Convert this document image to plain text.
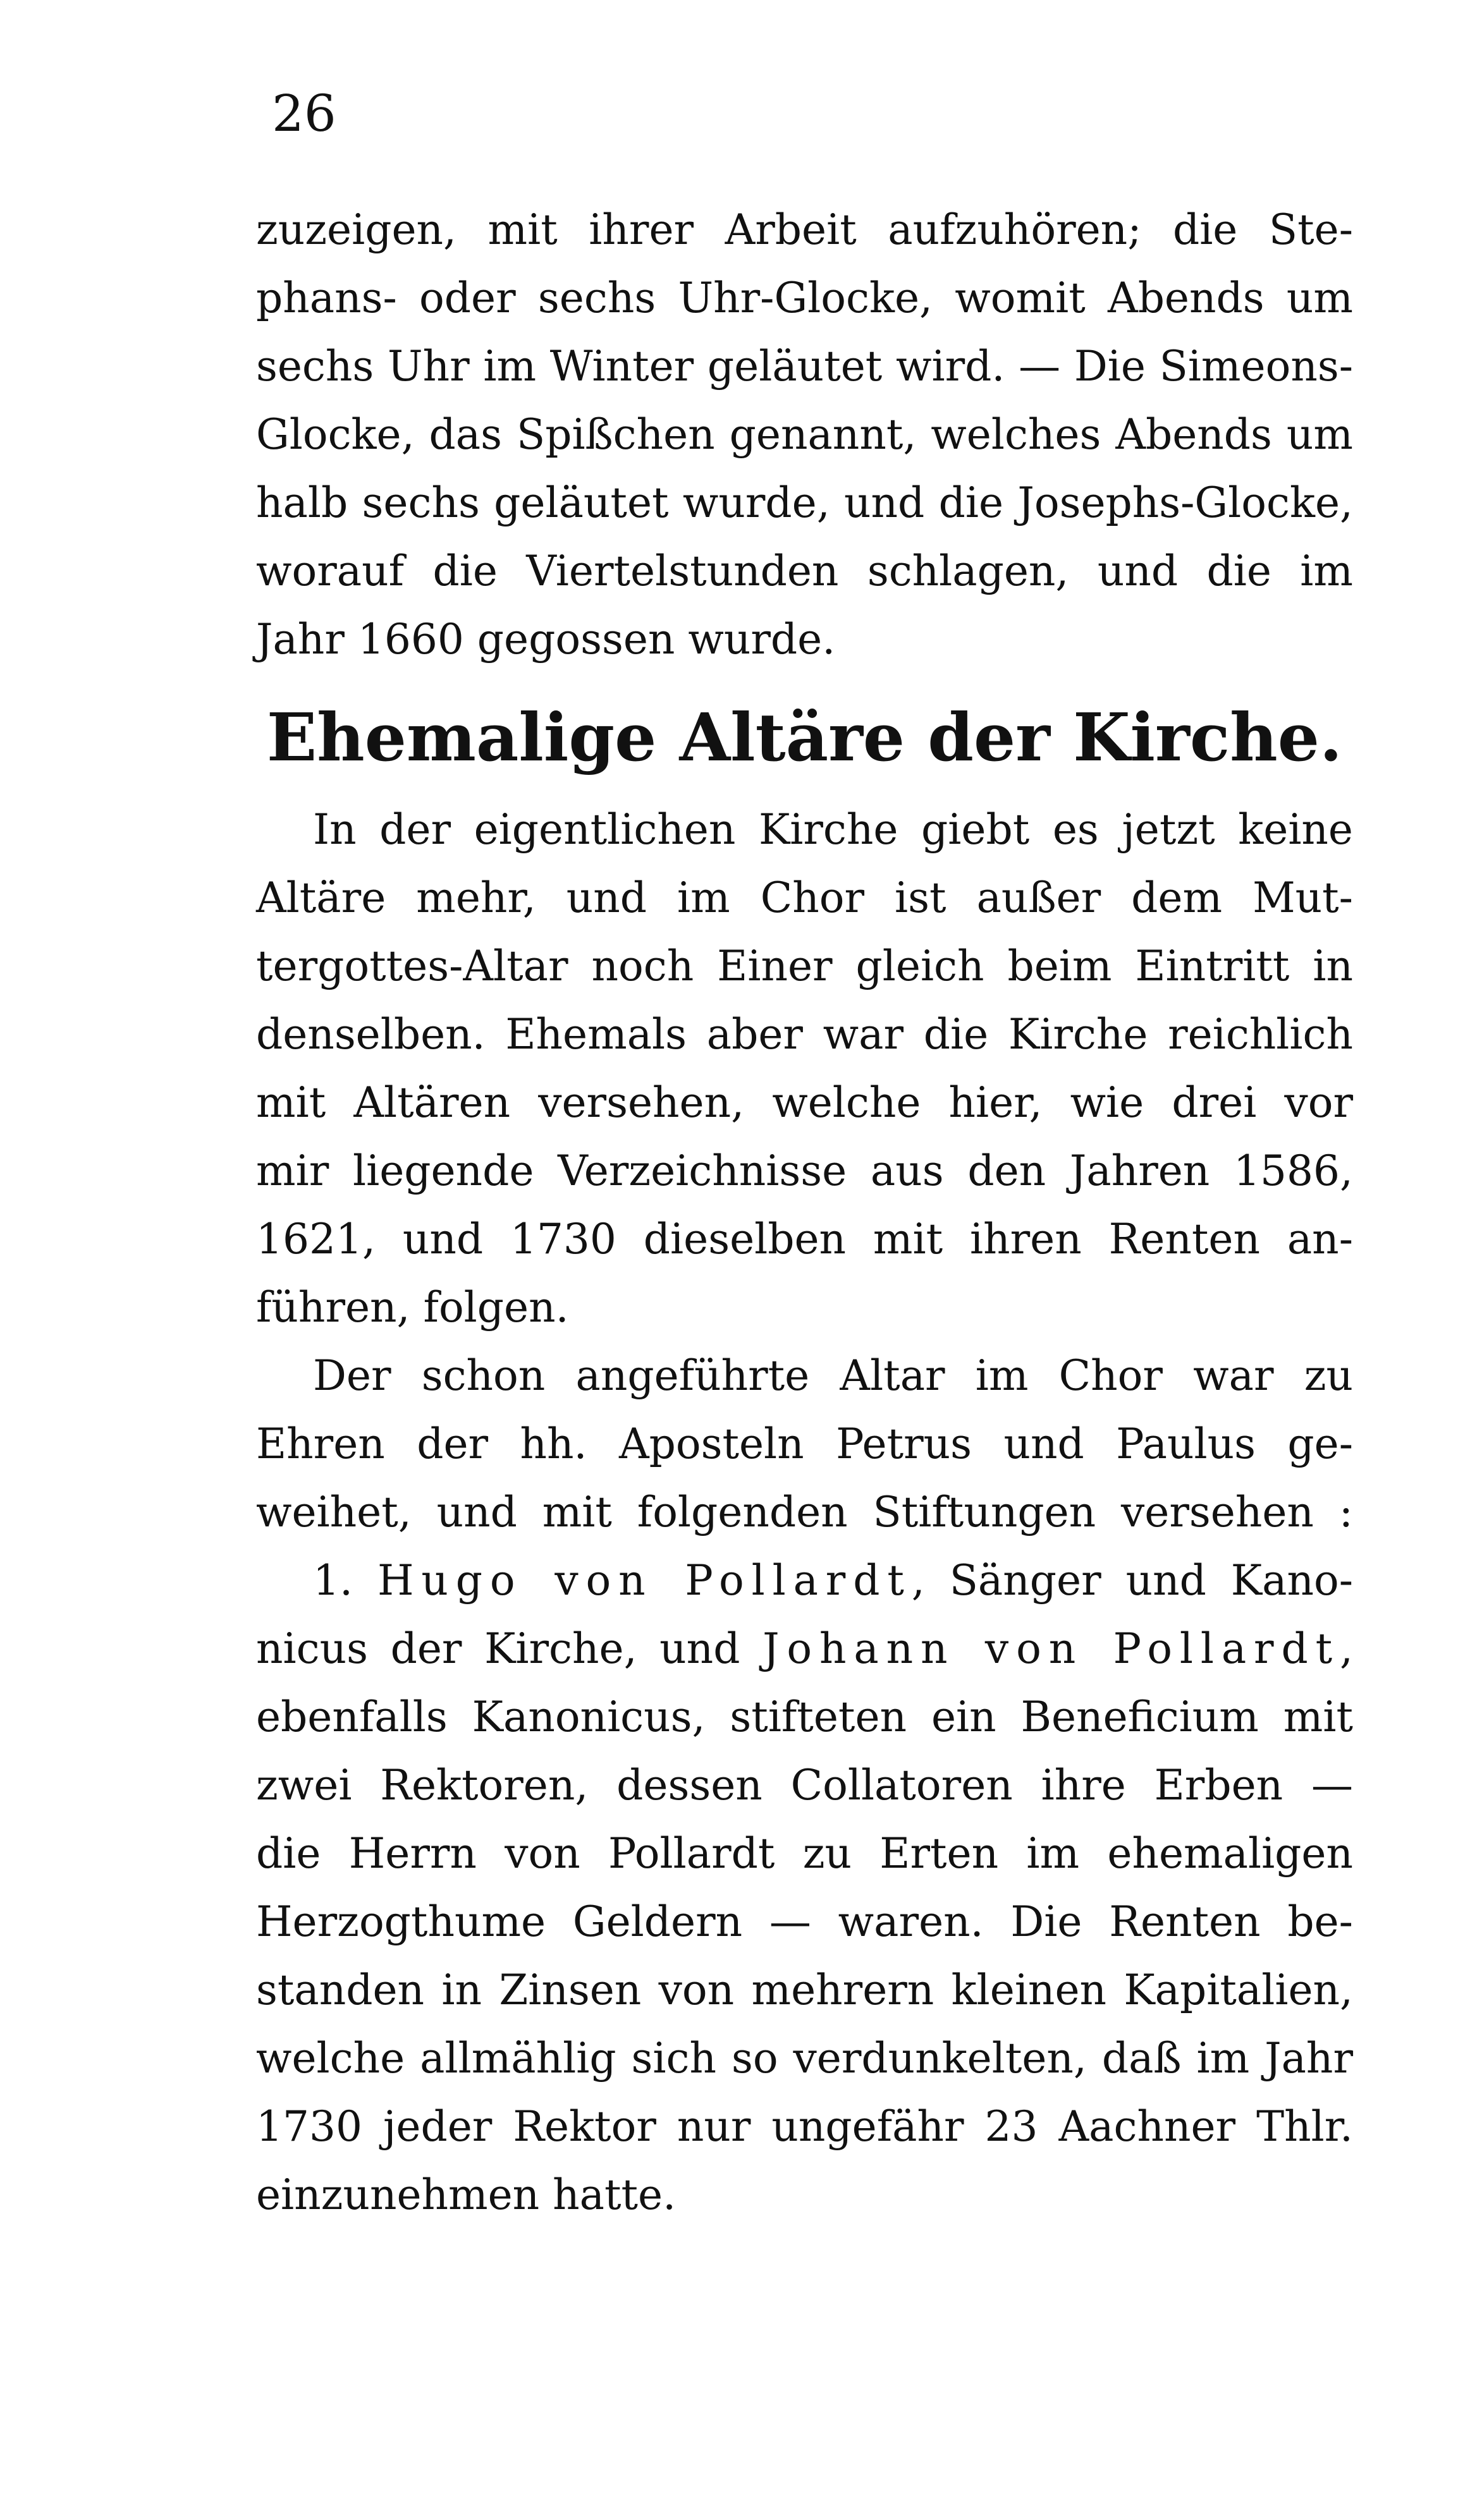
26
zuzeigen, mit ihrer Arbeit aufzuhören; die Ste-
phans- oder sechs Uhr-Glocke, womit Abends um
sechs Uhr im Winter geläutet wird. — Die Simeons-
Glocke, das Spißchen genannt, welches Abends um
halb sechs geläutet wurde, und die Josephs-Glocke,
worauf die Viertelstunden schlagen, und die im
Jahr 1660 gegossen wurde.
Ehemalige Altäre der Kirche.
In der eigentlichen Kirche giebt es jetzt keine
Altäre mehr, und im Chor ist außer dem Mut-
tergottes-Altar noch Einer gleich beim Eintritt in
denselben. Ehemals aber war die Kirche reichlich
mit Altären versehen, welche hier, wie drei vor
mir liegende Verzeichnisse aus den Jahren 1586,
1621, und 1730 dieselben mit ihren Renten an-
führen, folgen.
Der schon angeführte Altar im Chor war zu
Ehren der hh. Aposteln Petrus und Paulus ge-
weihet, und mit folgenden Stiftungen versehen :
1. Hugo von Pollardt, Sänger und Kano-
nicus der Kirche, und Johann von Pollardt,
ebenfalls Kanonicus, stifteten ein Beneficium mit
zwei Rektoren, dessen Collatoren ihre Erben —
die Herrn von Pollardt zu Erten im ehemaligen
Herzogthume Geldern — waren. Die Renten be-
standen in Zinsen von mehrern kleinen Kapitalien,
welche allmählig sich so verdunkelten, daß im Jahr
1730 jeder Rektor nur ungefähr 23 Aachner Thlr.
einzunehmen hatte.
